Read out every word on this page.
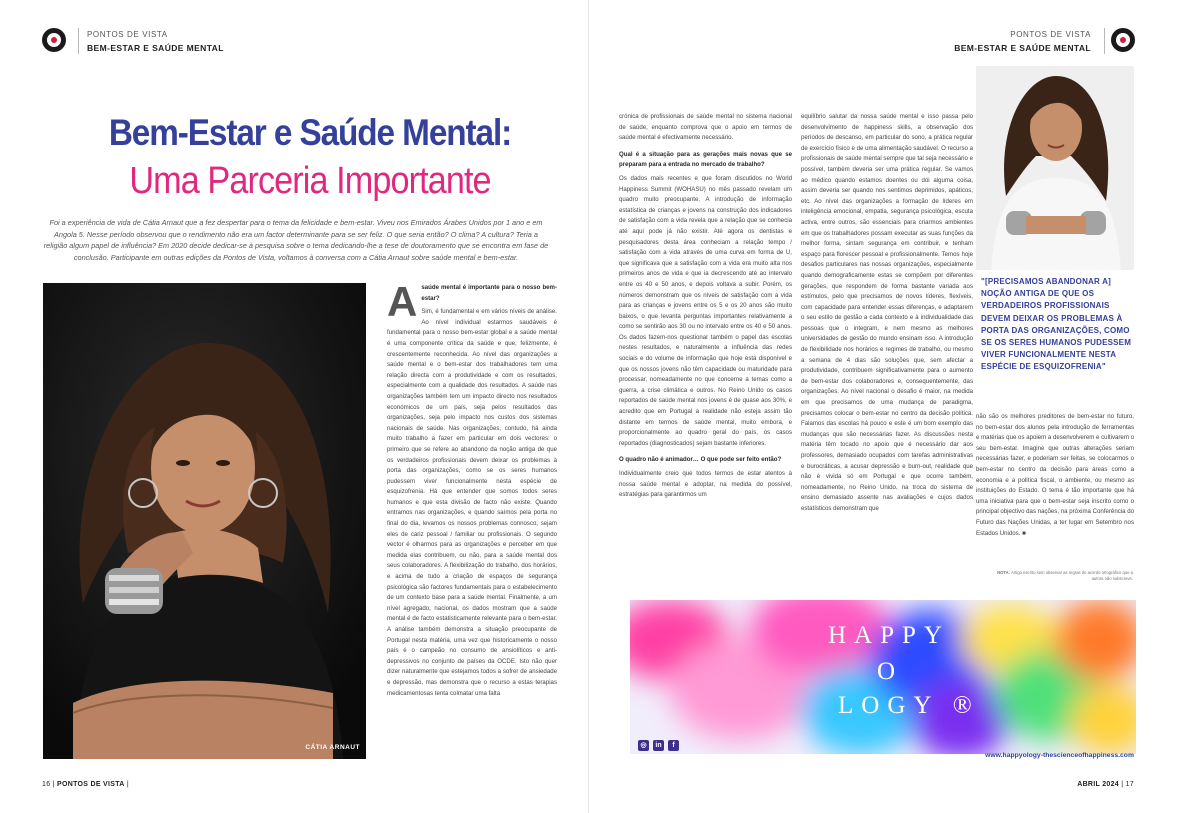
PONTOS DE VISTA
BEM-ESTAR E SAÚDE MENTAL
Bem-Estar e Saúde Mental:
Uma Parceria Importante
Foi a experiência de vida de Cátia Arnaut que a fez despertar para o tema da felicidade e bem-estar. Viveu nos Emirados Árabes Unidos por 1 ano e em Angola 5. Nesse período observou que o rendimento não era um factor determinante para se ser feliz. O que seria então? O clima? A cultura? Teria a religião algum papel de influência? Em 2020 decide dedicar-se à pesquisa sobre o tema dedicando-lhe a tese de doutoramento que se encontra em fase de conclusão. Participante em outras edições da Pontos de Vista, voltamos à conversa com a Cátia Arnaut sobre saúde mental e bem-estar.
CÁTIA ARNAUT
A saúde mental é importante para o nosso bem-estar?

Sim, é fundamental e em vários níveis de análise. Ao nível individual estarmos saudáveis é fundamental para o nosso bem-estar global e a saúde mental é uma componente crítica da saúde e que, felizmente, é crescentemente reconhecida. Ao nível das organizações a saúde mental e o bem-estar dos trabalhadores tem uma relação directa com a produtividade e com os resultados, especialmente com a qualidade dos resultados. A saúde nas organizações também tem um impacto directo nos resultados económicos de um país, seja pelos resultados das organizações, seja pelo impacto nos custos dos sistemas nacionais de saúde. Nas organizações, contudo, há ainda muito trabalho a fazer em particular em dois vectores: o primeiro que se refere ao abandono da noção antiga de que os verdadeiros profissionais devem deixar os problemas à porta das organizações, como se os seres humanos pudessem viver funcionalmente nesta espécie de esquizofrenia. Há que entender que somos todos seres humanos e que esta divisão de facto não existe. Quando entramos nas organizações, e quando saímos pela porta no final do dia, levamos os nossos problemas connosco, sejam eles de cariz pessoal / familiar ou profissionais. O segundo vector é olharmos para as organizações e perceber em que medida elas contribuem, ou não, para a saúde mental dos seus colaboradores. A flexibilização do trabalho, dos horários, e acima de tudo a criação de espaços de segurança psicológica são factores fundamentais para o estabelecimento de um contexto base para a saúde mental. Finalmente, a um nível agregado, nacional, os dados mostram que a saúde mental é de facto estatisticamente relevante para o bem-estar. A análise também demonstra a situação preocupante de Portugal nesta matéria, uma vez que historicamente o nosso país é o campeão no consumo de ansiolíticos e anti-depressivos no conjunto de países da OCDE. Isto não quer dizer naturalmente que estejamos todos a sofrer de ansiedade e depressão, mas demonstra que o recurso a estas terapias medicamentosas tenta colmatar uma falta

16 | PONTOS DE VISTA |
PONTOS DE VISTA
BEM-ESTAR E SAÚDE MENTAL

crónica de profissionais de saúde mental no sistema nacional de saúde, enquanto comprova que o apoio em termos de saúde mental é efectivamente necessário.

Qual é a situação para as gerações mais novas que se preparam para a entrada no mercado de trabalho?

Os dados mais recentes e que foram discutidos no World Happiness Summit (WOHASU) no mês passado revelam um quadro muito preocupante. A introdução de informação estatística de crianças e jovens na construção dos indicadores de satisfação com a vida revela que a relação que se conhecia até aqui pode já não existir. Até agora os dentistas e pesquisadores desta área conheciam a relação tempo / satisfação com a vida através de uma curva em forma de U, que significava que a satisfação com a vida era muito alta nos primeiros anos de vida e que ia decrescendo até ao intervalo entre os 40 e 50 anos, e depois voltava a subir. Porém, os números demonstram que os níveis de satisfação com a vida para as crianças e jovens entre os 5 e os 20 anos são muito baixos, o que levanta perguntas importantes relativamente a como se sentirão aos 30 ou no intervalo entre os 40 e 50 anos. Os dados fazem-nos questionar também o papel das escolas nestes resultados, e naturalmente a influência das redes sociais e do volume de informação que hoje está disponível e que os nossos jovens não têm capacidade ou maturidade para processar, nomeadamente no que concerne a temas como a guerra, a crise climática e outros. No Reino Unido os casos reportados de saúde mental nos jovens é de quase aos 30%, e acredito que em Portugal a realidade não esteja assim tão distante em termos de saúde mental, muito embora, e proporcionalmente ao quadro geral do país, os casos reportados (diagnosticados) sejam bastante inferiores.

O quadro não é animador… O que pode ser feito então?

Individualmente creio que todos termos de estar atentos à nossa saúde mental e adoptar, na medida do possível, estratégias para garantirmos um

equilíbrio salutar da nossa saúde mental e isso passa pelo desenvolvimento de happiness skills, a observação dos períodos de descanso, em particular do sono, a prática regular de exercício físico e de uma alimentação saudável. O recurso a profissionais de saúde mental sempre que tal seja necessário e possível, também deveria ser uma prática regular. Se vamos ao médico quando estamos doentes ou dói alguma coisa, assim deveria ser quando nos sentimos deprimidos, apáticos, etc. Ao nível das organizações a formação de líderes em inteligência emocional, empatia, segurança psicológica, escuta activa, entre outros, são essenciais para criarmos ambientes em que os trabalhadores possam executar as suas funções da melhor forma, sintam segurança em contribuir, e tenham espaço para florescer pessoal e profissionalmente. Temos hoje desafios particulares nas nossas organizações, especialmente quando demograficamente estas se compõem por diferentes gerações, que respondem de forma bastante variada aos estímulos, pelo que precisamos de novos líderes, flexíveis, com capacidade para entender essas diferenças, e adaptarem o seu estilo de gestão a cada contexto e à individualidade das pessoas que o integram, e nem mesmo as melhores universidades de gestão do mundo ensinam isso. A introdução de flexibilidade nos horários e regimes de trabalho, ou mesmo a semana de 4 dias são soluções que, sem afectar a produtividade, contribuem significativamente para o aumento de bem-estar dos colaboradores e, consequentemente, das organizações. Ao nível nacional o desafio é maior, na medida em que precisamos de uma mudança de paradigma, precisamos colocar o bem-estar no centro da decisão política. Falamos das escolas há pouco e este é um bom exemplo das mudanças que são necessárias fazer. As discussões nesta matéria têm tocado no apoio que é necessário dar aos professores, demasiado ocupados com tarefas administrativas e burocráticas, a acusar depressão e burn-out, realidade que não é vivida só em Portugal e que ocorre também, nomeadamente, no Reino Unido, na troca do sistema de ensino demasiado assente nas avaliações e cujos dados estatísticos demonstram que

"[PRECISAMOS ABANDONAR A] NOÇÃO ANTIGA DE QUE OS VERDADEIROS PROFISSIONAIS DEVEM DEIXAR OS PROBLEMAS À PORTA DAS ORGANIZAÇÕES, COMO SE OS SERES HUMANOS PUDESSEM VIVER FUNCIONALMENTE NESTA ESPÉCIE DE ESQUIZOFRENIA"

não são os melhores preditores de bem-estar no futuro, no bem-estar dos alunos pela introdução de ferramentas e matérias que os apoiem a desenvolverem e cultivarem o seu bem-estar. Imagine que outras alterações seriam necessárias fazer, e poderiam ser feitas, se colocarmos o bem-estar no centro da decisão para áreas como a economia e a política fiscal, o ambiente, ou mesmo as instituições do Estado. O tema é tão importante que há uma iniciativa para que o bem-estar seja inscrito como o principal objectivo das nações, na próxima Conferência do Futuro das Nações Unidas, a ter lugar em Setembro nos Estados Unidos. ■

NOTA: Artigo escrito sem observar as regras do acordo ortográfico que a autora não subscreve.
HAPPY
O
LOGY ®
◎	in	f
www.happyology-thescienceofhappiness.com
ABRIL 2024 | 17
